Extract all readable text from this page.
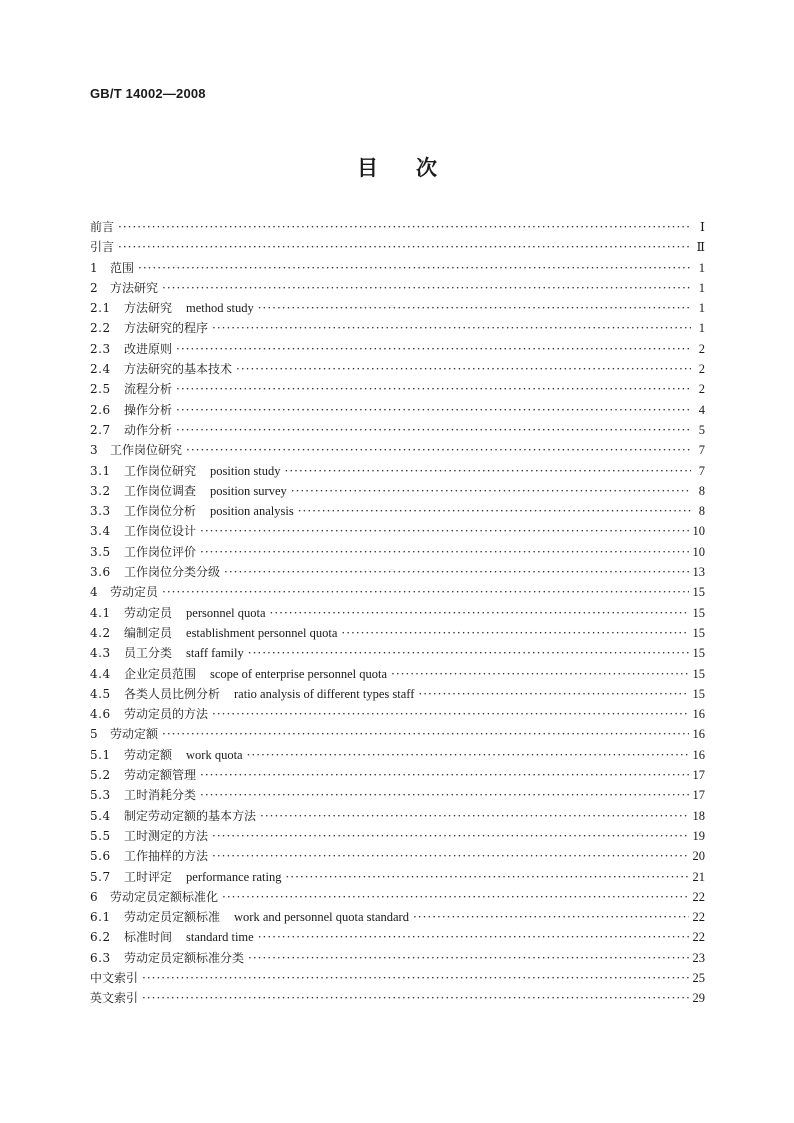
GB/T 14002—2008
目次
前言 ·····	Ⅰ
引言 ·····	Ⅱ
1 范围 ·····	1
2 方法研究 ·····	1
2.1	方法研究 method study ·····	1
2.2	方法研究的程序 ·····	1
2.3	改进原则 ·····	2
2.4	方法研究的基本技术 ·····	2
2.5	流程分析 ·····	2
2.6	操作分析 ·····	4
2.7	动作分析 ·····	5
3 工作岗位研究 ·····	7
3.1	工作岗位研究 position study ·····	7
3.2	工作岗位调查 position survey ·····	8
3.3	工作岗位分析 position analysis ·····	8
3.4	工作岗位设计 ·····	10
3.5	工作岗位评价 ·····	10
3.6	工作岗位分类分级 ·····	13
4 劳动定员 ·····	15
4.1	劳动定员 personnel quota ·····	15
4.2	编制定员 establishment personnel quota ·····	15
4.3	员工分类 staff family ·····	15
4.4	企业定员范围 scope of enterprise personnel quota ·····	15
4.5	各类人员比例分析 ratio analysis of different types staff ·····	15
4.6	劳动定员的方法 ·····	16
5 劳动定额 ·····	16
5.1	劳动定额 work quota ·····	16
5.2	劳动定额管理 ·····	17
5.3	工时消耗分类 ·····	17
5.4	制定劳动定额的基本方法 ·····	18
5.5	工时测定的方法 ·····	19
5.6	工作抽样的方法 ·····	20
5.7	工时评定 performance rating ·····	21
6 劳动定员定额标准化 ·····	22
6.1	劳动定员定额标准 work and personnel quota standard ·····	22
6.2	标准时间 standard time ·····	22
6.3	劳动定员定额标准分类 ·····	23
中文索引 ·····	25
英文索引 ·····	29
